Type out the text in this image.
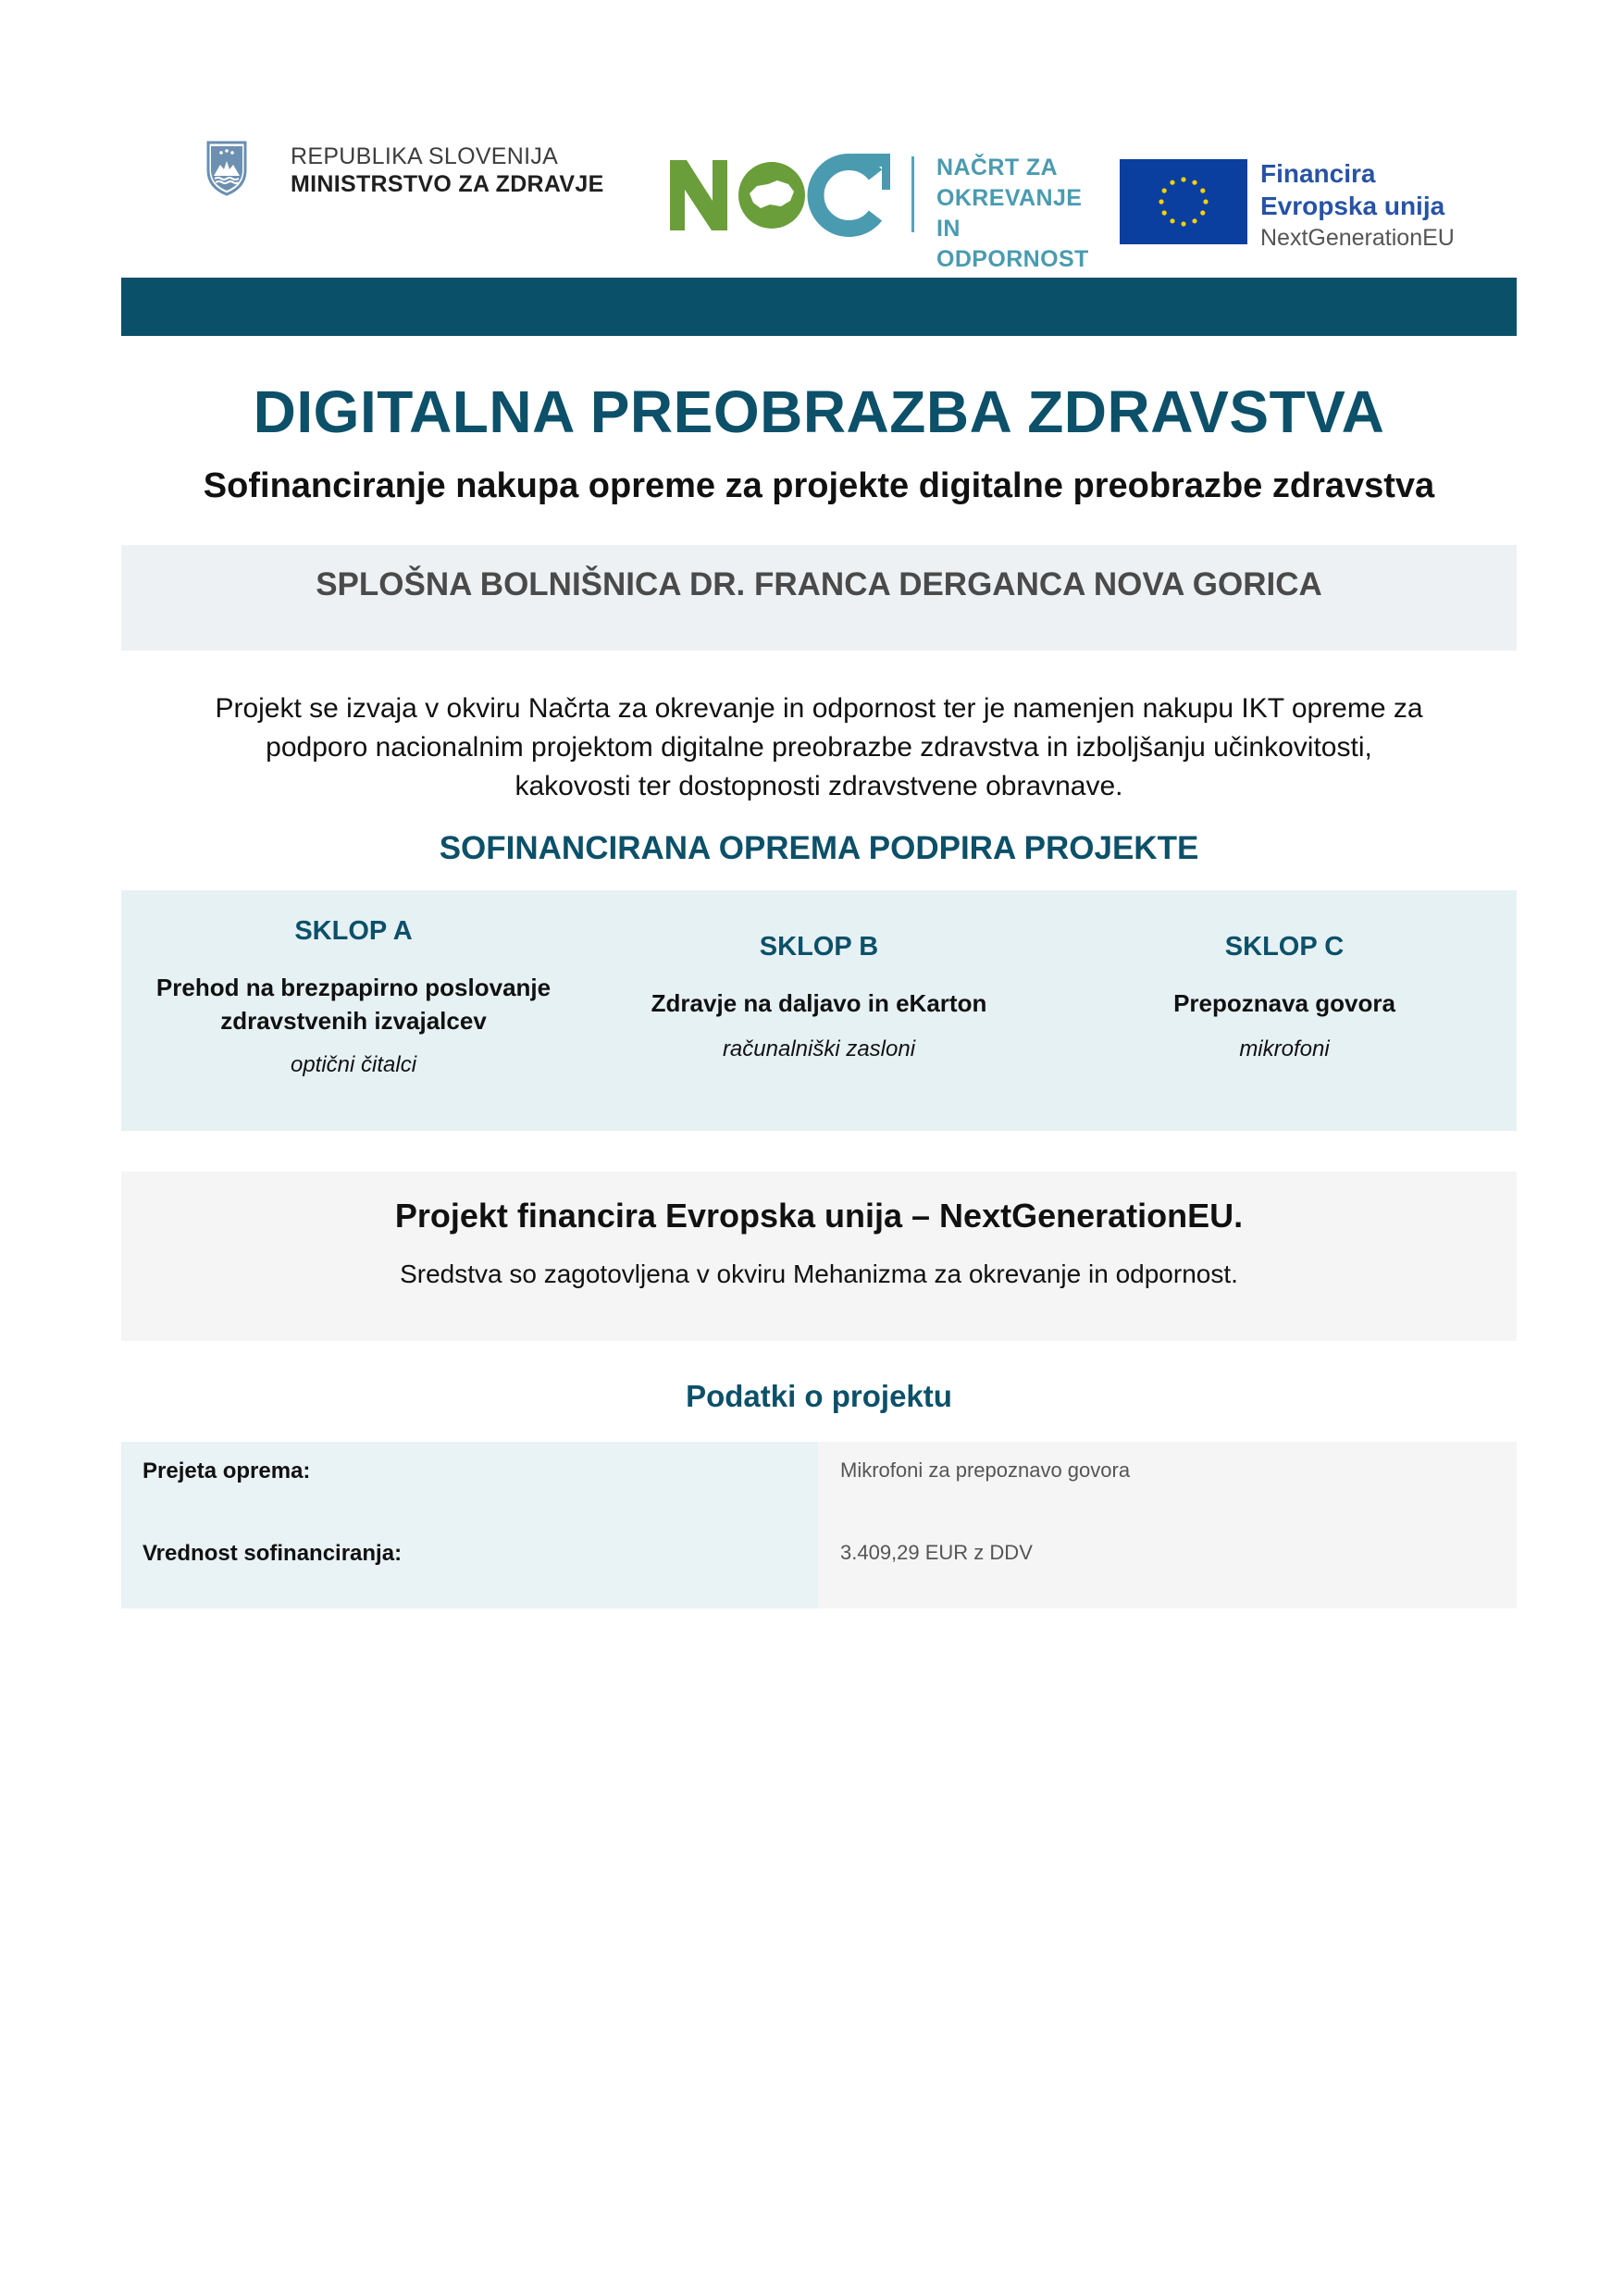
REPUBLIKA SLOVENIJA
MINISTRSTVO ZA ZDRAVJE
NAČRT ZA
OKREVANJE
IN ODPORNOST
Financira
Evropska unija
NextGenerationEU
DIGITALNA PREOBRAZBA ZDRAVSTVA
Sofinanciranje nakupa opreme za projekte digitalne preobrazbe zdravstva
SPLOŠNA BOLNIŠNICA DR. FRANCA DERGANCA NOVA GORICA
Projekt se izvaja v okviru Načrta za okrevanje in odpornost ter je namenjen nakupu IKT opreme za
podporo nacionalnim projektom digitalne preobrazbe zdravstva in izboljšanju učinkovitosti,
kakovosti ter dostopnosti zdravstvene obravnave.
SOFINANCIRANA OPREMA PODPIRA PROJEKTE
SKLOP A
Prehod na brezpapirno poslovanje
zdravstvenih izvajalcev
optični čitalci
SKLOP B
Zdravje na daljavo in eKarton
računalniški zasloni
SKLOP C
Prepoznava govora
mikrofoni
Projekt financira Evropska unija – NextGenerationEU.
Sredstva so zagotovljena v okviru Mehanizma za okrevanje in odpornost.
Podatki o projektu
Prejeta oprema:
Vrednost sofinanciranja:
Mikrofoni za prepoznavo govora
3.409,29 EUR z DDV
